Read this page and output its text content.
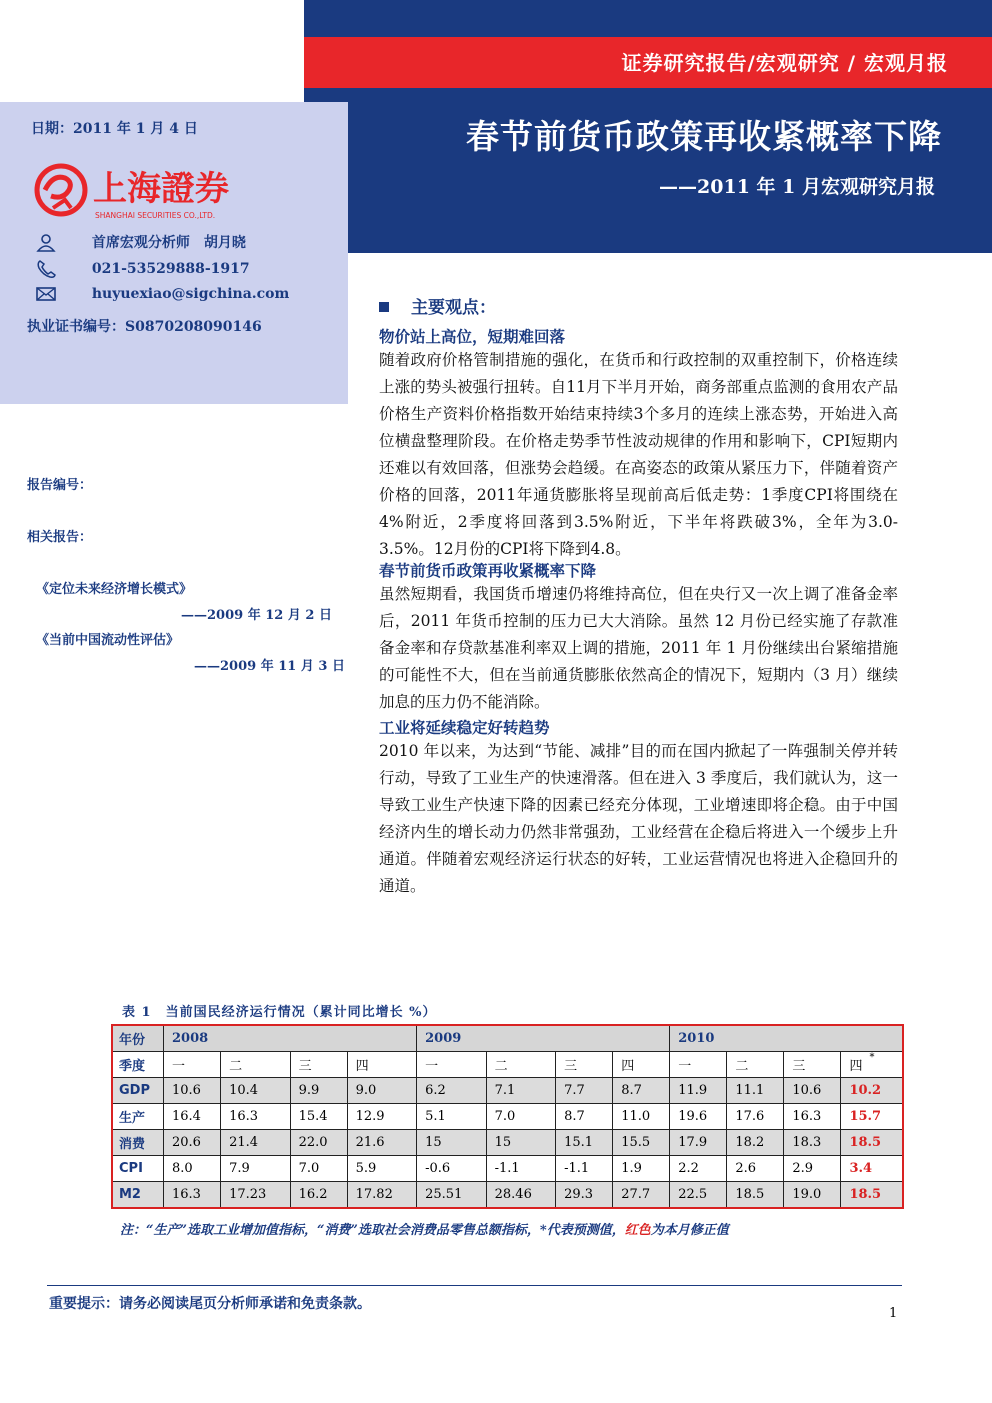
证券研究报告/宏观研究 / 宏观月报
春节前货币政策再收紧概率下降
——2011 年 1 月宏观研究月报
日期：2011 年 1 月 4 日
上海證券
SHANGHAI SECURITIES CO.,LTD.
首席宏观分析师　胡月晓
021-53529888-1917
huyuexiao@sigchina.com
执业证书编号：S0870208090146
报告编号：
相关报告：
《定位未来经济增长模式》
——2009 年 12 月 2 日
《当前中国流动性评估》
——2009 年 11 月 3 日
主要观点：
物价站上高位，短期难回落
随着政府价格管制措施的强化，在货币和行政控制的双重控制下，价格连续上涨的势头被强行扭转。自11月下半月开始，商务部重点监测的食用农产品价格生产资料价格指数开始结束持续3个多月的连续上涨态势，开始进入高位横盘整理阶段。在价格走势季节性波动规律的作用和影响下，CPI短期内还难以有效回落，但涨势会趋缓。在高姿态的政策从紧压力下，伴随着资产价格的回落，2011年通货膨胀将呈现前高后低走势：1季度CPI将围绕在4%附近，2季度将回落到3.5%附近，下半年将跌破3%，全年为3.0-3.5%。12月份的CPI将下降到4.8。
春节前货币政策再收紧概率下降
虽然短期看，我国货币增速仍将维持高位，但在央行又一次上调了准备金率后，2011 年货币控制的压力已大大消除。虽然 12 月份已经实施了存款准备金率和存贷款基准利率双上调的措施，2011 年 1 月份继续出台紧缩措施的可能性不大，但在当前通货膨胀依然高企的情况下，短期内（3 月）继续加息的压力仍不能消除。
工业将延续稳定好转趋势
2010 年以来，为达到“节能、减排”目的而在国内掀起了一阵强制关停并转行动，导致了工业生产的快速滑落。但在进入 3 季度后，我们就认为，这一导致工业生产快速下降的因素已经充分体现，工业增速即将企稳。由于中国经济内生的增长动力仍然非常强劲，工业经营在企稳后将进入一个缓步上升通道。伴随着宏观经济运行状态的好转，工业运营情况也将进入企稳回升的通道。
表 1　当前国民经济运行情况（累计同比增长 %）
年份	2008				2009				2010			
季度	一	二	三	四	一	二	三	四	一	二	三	四
*

GDP	10.6	10.4	9.9	9.0	6.2	7.1	7.7	8.7	11.9	11.1	10.6	10.2
生产	16.4	16.3	15.4	12.9	5.1	7.0	8.7	11.0	19.6	17.6	16.3	15.7
消费	20.6	21.4	22.0	21.6	15	15	15.1	15.5	17.9	18.2	18.3	18.5
CPI	8.0	7.9	7.0	5.9	-0.6	-1.1	-1.1	1.9	2.2	2.6	2.9	3.4
M2	16.3	17.23	16.2	17.82	25.51	28.46	29.3	27.7	22.5	18.5	19.0	18.5
注：“生产”选取工业增加值指标，“消费”选取社会消费品零售总额指标，*代表预测值，红色为本月修正值
重要提示：请务必阅读尾页分析师承诺和免责条款。
1
